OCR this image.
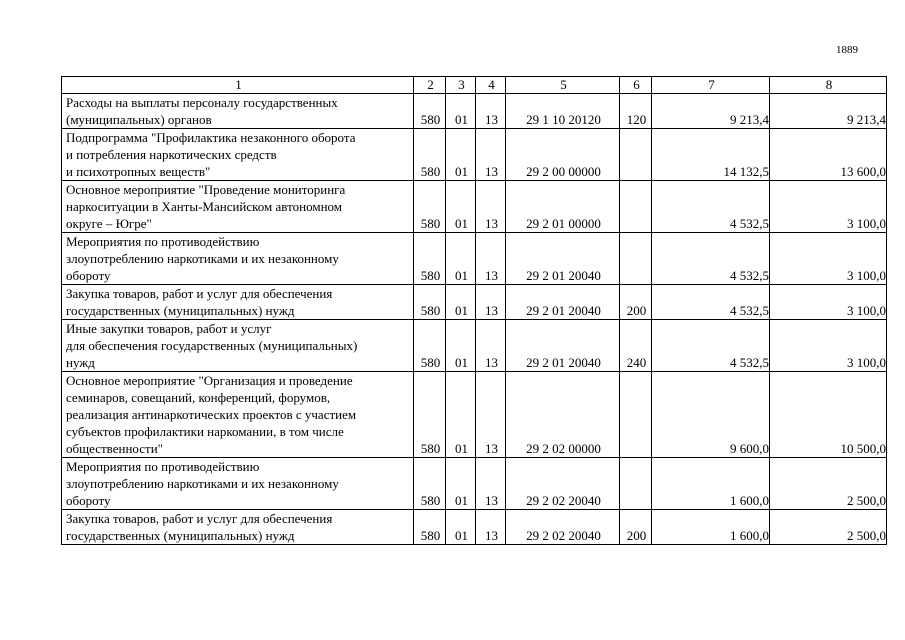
1889
1	2	3	4	5	6	7	8
Расходы на выплаты персоналу государственных
(муниципальных) органов	580	01	13	29 1 10 20120	120	9 213,4	9 213,4
Подпрограмма "Профилактика незаконного оборота
и потребления наркотических средств
и психотропных веществ"	580	01	13	29 2 00 00000		14 132,5	13 600,0
Основное мероприятие "Проведение мониторинга
наркоситуации в Ханты-Мансийском автономном
округе – Югре"	580	01	13	29 2 01 00000		4 532,5	3 100,0
Мероприятия по противодействию
злоупотреблению наркотиками и их незаконному
обороту	580	01	13	29 2 01 20040		4 532,5	3 100,0
Закупка товаров, работ и услуг для обеспечения
государственных (муниципальных) нужд	580	01	13	29 2 01 20040	200	4 532,5	3 100,0
Иные закупки товаров, работ и услуг
для обеспечения государственных (муниципальных)
нужд	580	01	13	29 2 01 20040	240	4 532,5	3 100,0
Основное мероприятие "Организация и проведение
семинаров, совещаний, конференций, форумов,
реализация антинаркотических проектов с участием
субъектов профилактики наркомании, в том числе
общественности"	580	01	13	29 2 02 00000		9 600,0	10 500,0
Мероприятия по противодействию
злоупотреблению наркотиками и их незаконному
обороту	580	01	13	29 2 02 20040		1 600,0	2 500,0
Закупка товаров, работ и услуг для обеспечения
государственных (муниципальных) нужд	580	01	13	29 2 02 20040	200	1 600,0	2 500,0
